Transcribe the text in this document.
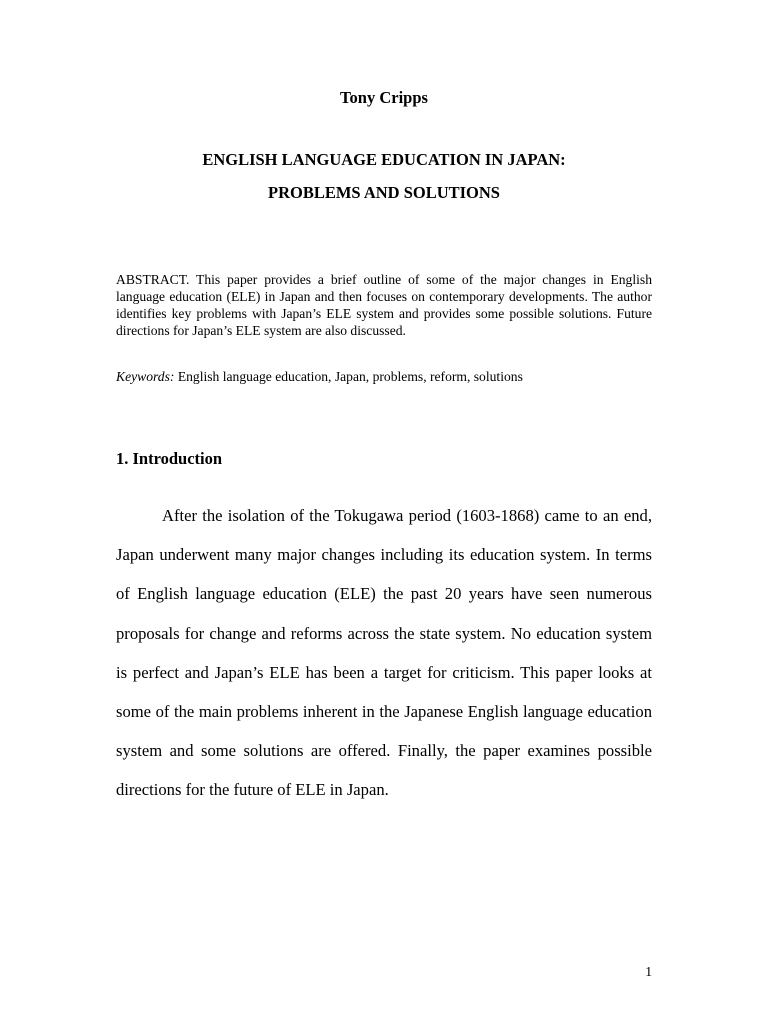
Tony Cripps

ENGLISH LANGUAGE EDUCATION IN JAPAN:

PROBLEMS AND SOLUTIONS

ABSTRACT. This paper provides a brief outline of some of the major changes in English language education (ELE) in Japan and then focuses on contemporary developments. The author identifies key problems with Japan’s ELE system and provides some possible solutions. Future directions for Japan’s ELE system are also discussed.

Keywords: English language education, Japan, problems, reform, solutions

1. Introduction

After the isolation of the Tokugawa period (1603-1868) came to an end, Japan underwent many major changes including its education system. In terms of English language education (ELE) the past 20 years have seen numerous proposals for change and reforms across the state system. No education system is perfect and Japan’s ELE has been a target for criticism. This paper looks at some of the main problems inherent in the Japanese English language education system and some solutions are offered. Finally, the paper examines possible directions for the future of ELE in Japan.

1
